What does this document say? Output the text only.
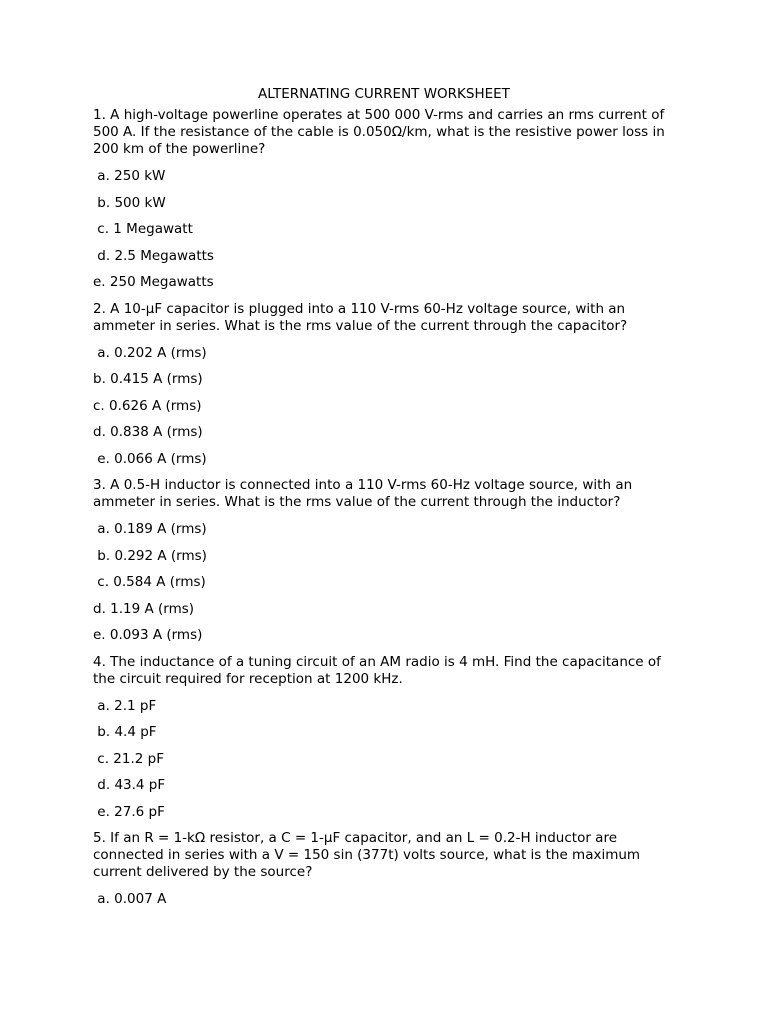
ALTERNATING CURRENT WORKSHEET
1. A high-voltage powerline operates at 500 000 V-rms and carries an rms current of 500 A. If the resistance of the cable is 0.050Ω/km, what is the resistive power loss in 200 km of the powerline?
a. 250 kW
b. 500 kW
c. 1 Megawatt
d. 2.5 Megawatts
e. 250 Megawatts
2. A 10-µF capacitor is plugged into a 110 V-rms 60-Hz voltage source, with an ammeter in series. What is the rms value of the current through the capacitor?
a. 0.202 A (rms)
b. 0.415 A (rms)
c. 0.626 A (rms)
d. 0.838 A (rms)
e. 0.066 A (rms)
3. A 0.5-H inductor is connected into a 110 V-rms 60-Hz voltage source, with an ammeter in series. What is the rms value of the current through the inductor?
a. 0.189 A (rms)
b. 0.292 A (rms)
c. 0.584 A (rms)
d. 1.19 A (rms)
e. 0.093 A (rms)
4. The inductance of a tuning circuit of an AM radio is 4 mH. Find the capacitance of the circuit required for reception at 1200 kHz.
a. 2.1 pF
b. 4.4 pF
c. 21.2 pF
d. 43.4 pF
e. 27.6 pF
5. If an R = 1-kΩ resistor, a C = 1-µF capacitor, and an L = 0.2-H inductor are connected in series with a V = 150 sin (377t) volts source, what is the maximum current delivered by the source?
a. 0.007 A
